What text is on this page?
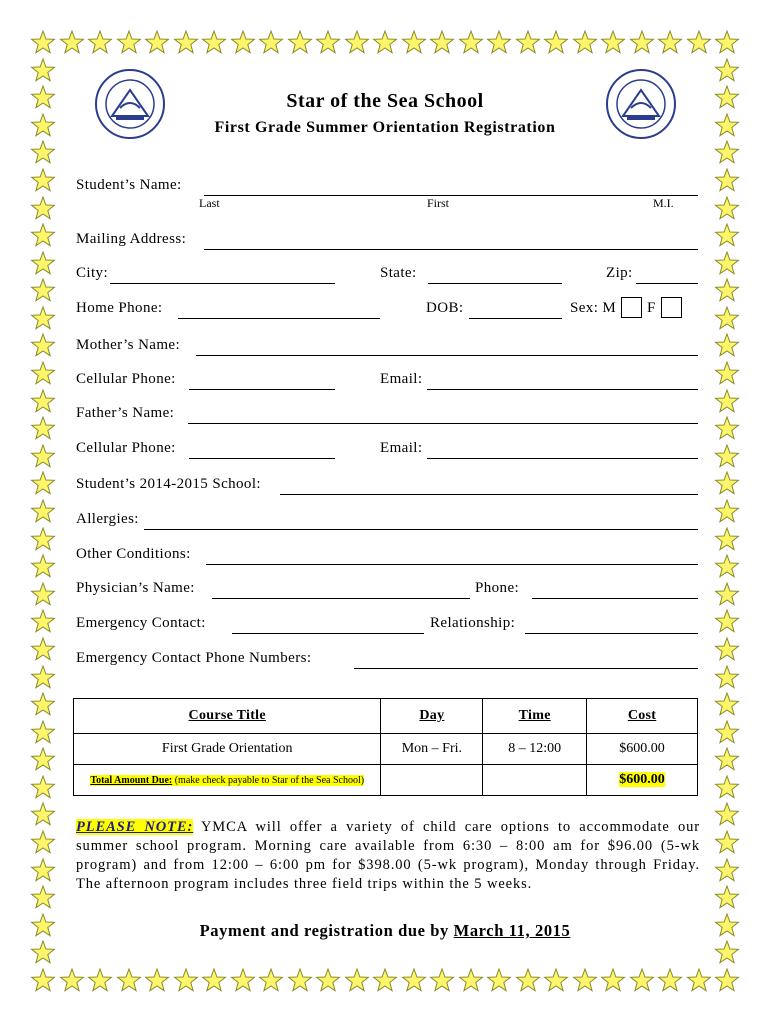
Star of the Sea School
First Grade Summer Orientation Registration
Student’s Name:
Last	First	M.I.
Mailing Address:
City:	State:	Zip:
Home Phone:	DOB:	Sex: M F
Mother’s Name:
Cellular Phone:	Email:
Father’s Name:
Cellular Phone:	Email:
Student’s 2014-2015 School:
Allergies:
Other Conditions:
Physician’s Name:	Phone:
Emergency Contact:	Relationship:
Emergency Contact Phone Numbers:
Course Title	Day	Time	Cost
First Grade Orientation	Mon – Fri.	8 – 12:00	$600.00
Total Amount Due: (make check payable to Star of the Sea School)			$600.00
PLEASE NOTE: YMCA will offer a variety of child care options to accommodate our summer school program. Morning care available from 6:30 – 8:00 am for $96.00 (5-wk program) and from 12:00 – 6:00 pm for $398.00 (5-wk program), Monday through Friday. The afternoon program includes three field trips within the 5 weeks.
Payment and registration due by March 11, 2015
